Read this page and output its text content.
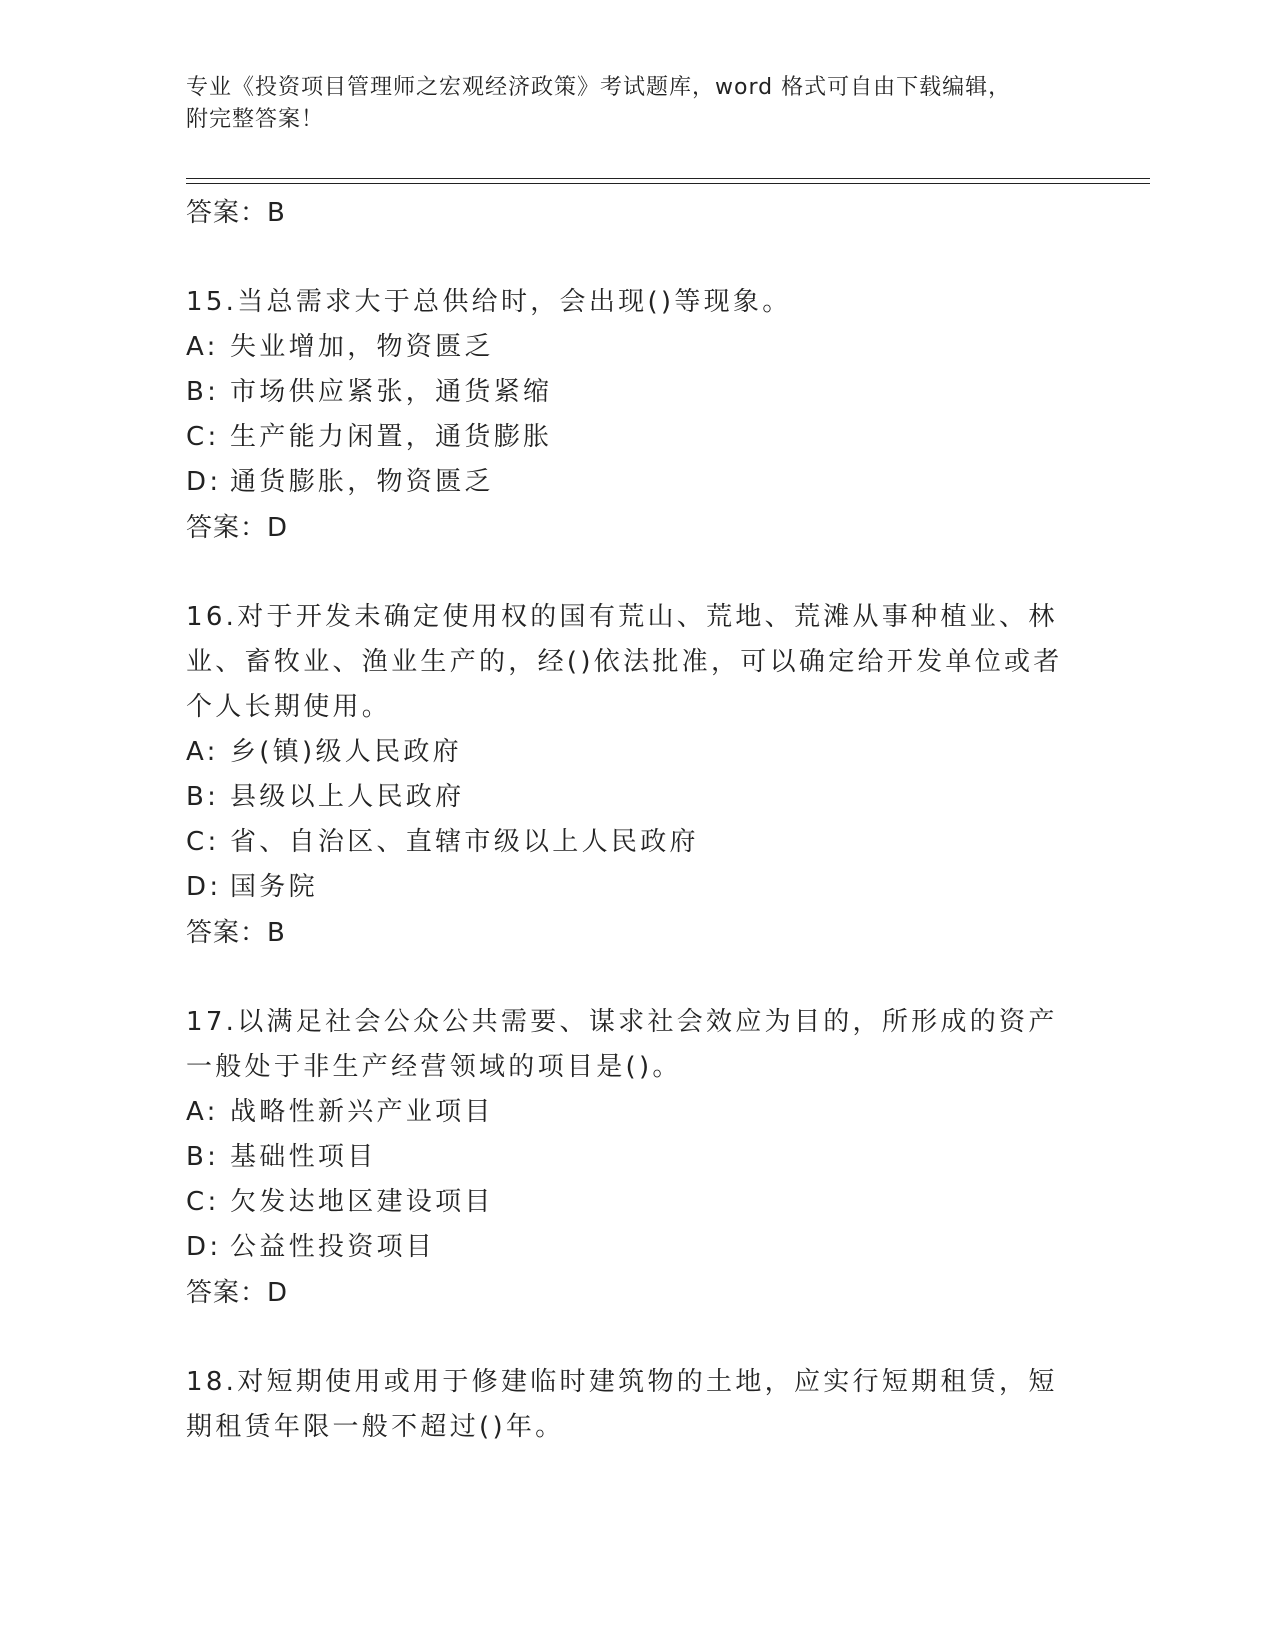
专业《投资项目管理师之宏观经济政策》考试题库，word 格式可自由下载编辑，
附完整答案！
答案：B
15.当总需求大于总供给时，会出现()等现象。
A: 失业增加，物资匮乏
B: 市场供应紧张，通货紧缩
C: 生产能力闲置，通货膨胀
D: 通货膨胀，物资匮乏
答案：D
16.对于开发未确定使用权的国有荒山、荒地、荒滩从事种植业、林业、畜牧业、渔业生产的，经()依法批准，可以确定给开发单位或者个人长期使用。
A: 乡(镇)级人民政府
B: 县级以上人民政府
C: 省、自治区、直辖市级以上人民政府
D: 国务院
答案：B
17.以满足社会公众公共需要、谋求社会效应为目的，所形成的资产一般处于非生产经营领域的项目是()。
A: 战略性新兴产业项目
B: 基础性项目
C: 欠发达地区建设项目
D: 公益性投资项目
答案：D
18.对短期使用或用于修建临时建筑物的土地，应实行短期租赁，短期租赁年限一般不超过()年。
